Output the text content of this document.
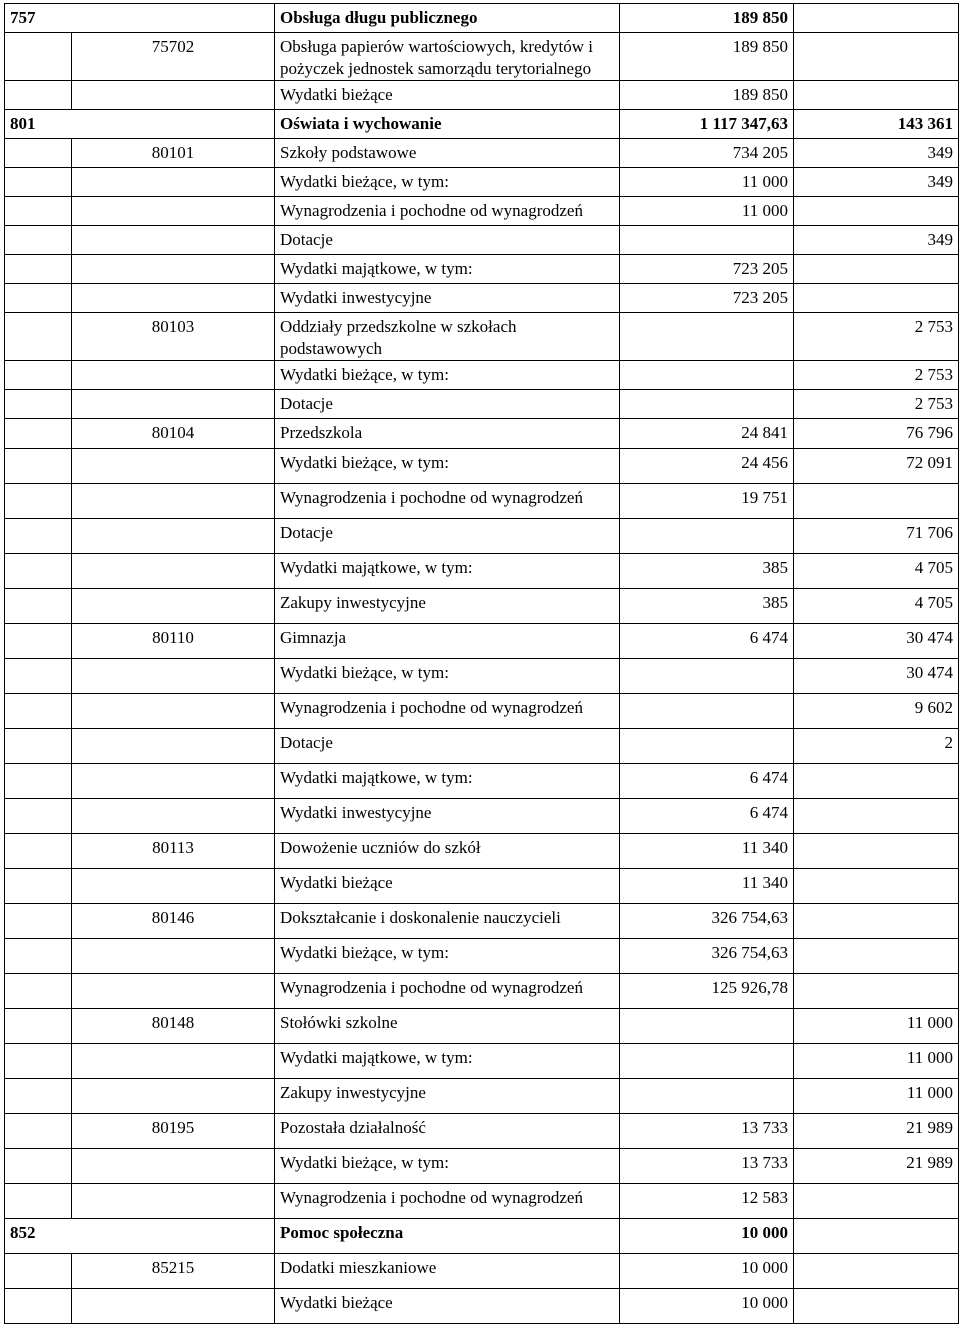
757		Obsługa długu publicznego	189 850	
	75702	Obsługa papierów wartościowych, kredytów i pożyczek jednostek samorządu terytorialnego	189 850	
		Wydatki bieżące	189 850	
801		Oświata i wychowanie	1 117 347,63	143 361
	80101	Szkoły podstawowe	734 205	349
		Wydatki bieżące, w tym:	11 000	349
		Wynagrodzenia i pochodne od wynagrodzeń	11 000	
		Dotacje		349
		Wydatki majątkowe, w tym:	723 205	
		Wydatki inwestycyjne	723 205	
	80103	Oddziały przedszkolne w szkołach podstawowych		2 753
		Wydatki bieżące, w tym:		2 753
		Dotacje		2 753
	80104	Przedszkola	24 841	76 796
		Wydatki bieżące, w tym:	24 456	72 091
		Wynagrodzenia i pochodne od wynagrodzeń	19 751	
		Dotacje		71 706
		Wydatki majątkowe, w tym:	385	4 705
		Zakupy inwestycyjne	385	4 705
	80110	Gimnazja	6 474	30 474
		Wydatki bieżące, w tym:		30 474
		Wynagrodzenia i pochodne od wynagrodzeń		9 602
		Dotacje		2
		Wydatki majątkowe, w tym:	6 474	
		Wydatki inwestycyjne	6 474	
	80113	Dowożenie uczniów do szkół	11 340	
		Wydatki bieżące	11 340	
	80146	Dokształcanie i doskonalenie nauczycieli	326 754,63	
		Wydatki bieżące, w tym:	326 754,63	
		Wynagrodzenia i pochodne od wynagrodzeń	125 926,78	
	80148	Stołówki szkolne		11 000
		Wydatki majątkowe, w tym:		11 000
		Zakupy inwestycyjne		11 000
	80195	Pozostała działalność	13 733	21 989
		Wydatki bieżące, w tym:	13 733	21 989
		Wynagrodzenia i pochodne od wynagrodzeń	12 583	
852		Pomoc społeczna	10 000	
	85215	Dodatki mieszkaniowe	10 000	
		Wydatki bieżące	10 000	
